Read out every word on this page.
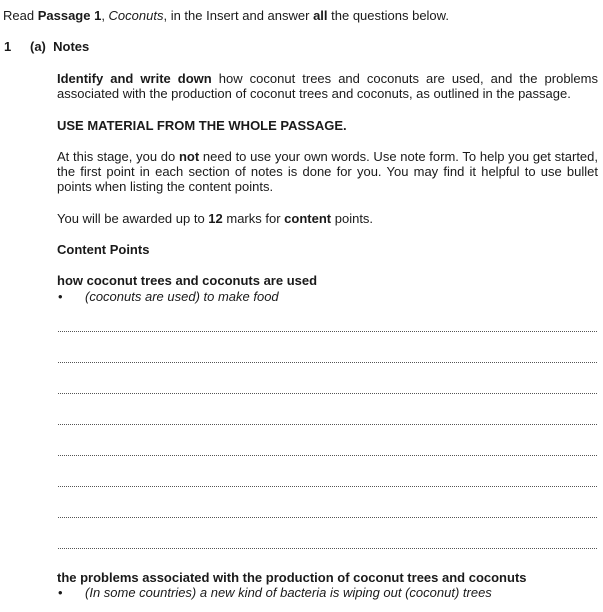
Read Passage 1, Coconuts, in the Insert and answer all the questions below.
1 (a) Notes
Identify and write down how coconut trees and coconuts are used, and the problems associated with the production of coconut trees and coconuts, as outlined in the passage.
USE MATERIAL FROM THE WHOLE PASSAGE.
At this stage, you do not need to use your own words. Use note form. To help you get started, the first point in each section of notes is done for you. You may find it helpful to use bullet points when listing the content points.
You will be awarded up to 12 marks for content points.
Content Points
how coconut trees and coconuts are used
•	(coconuts are used) to make food
the problems associated with the production of coconut trees and coconuts
•	(In some countries) a new kind of bacteria is wiping out (coconut) trees
